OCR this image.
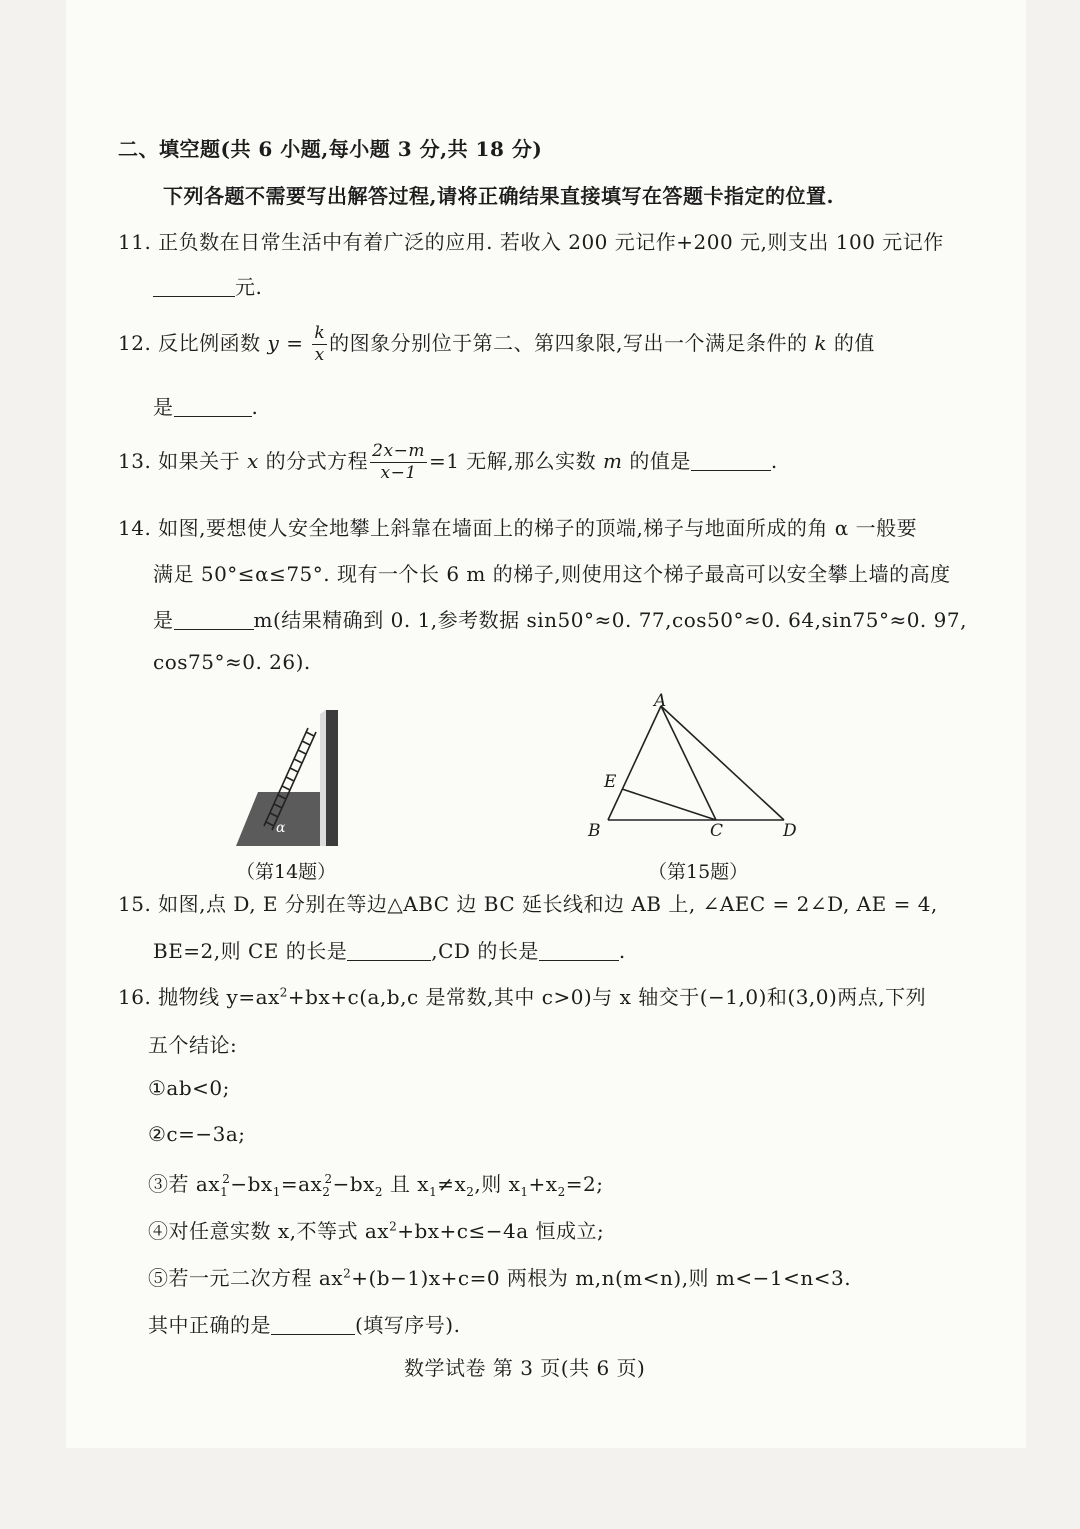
二、填空题(共 6 小题,每小题 3 分,共 18 分)
下列各题不需要写出解答过程,请将正确结果直接填写在答题卡指定的位置.
11. 正负数在日常生活中有着广泛的应用. 若收入 200 元记作+200 元,则支出 100 元记作
元.
12. 反比例函数 $y = \frac{k}{x}$ 的图象分别位于第二、第四象限,写出一个满足条件的 k 的值
是	.
13. 如果关于 x 的分式方程 $\frac{2x-m}{x-1} =1$ 无解,那么实数 m 的值是	.
14. 如图,要想使人安全地攀上斜靠在墙面上的梯子的顶端,梯子与地面所成的角 α 一般要
满足 50°≤α≤75°. 现有一个长 6 m 的梯子,则使用这个梯子最高可以安全攀上墙的高度
是	m(结果精确到 0. 1,参考数据 sin50°≈0. 77,cos50°≈0. 64,sin75°≈0. 97,
cos75°≈0. 26).
α
（第14题）
A
B	C	D
E
（第15题）
15. 如图,点 D, E 分别在等边△ABC 边 BC 延长线和边 AB 上, ∠AEC = 2∠D, AE = 4,
BE=2,则 CE 的长是	,CD 的长是	.
16. 抛物线 $y=ax^2+bx+c(a,b,c$ 是常数,其中 c>0)与 x 轴交于(−1,0)和(3,0)两点,下列
五个结论:
①ab<0;
②c=−3a;
③若 $ax_1^2-bx_1=ax_2^2-bx_2$ 且 $x_1\ne x_2$,则 $x_1+x_2=2$;
④对任意实数 x,不等式 $ax^2+bx+c\le-4a$ 恒成立;
⑤若一元二次方程 $ax^2+(b-1)x+c=0$ 两根为 m,n(m<n),则 m<−1<n<3.
其中正确的是	(填写序号).
数学试卷 第 3 页(共 6 页)
